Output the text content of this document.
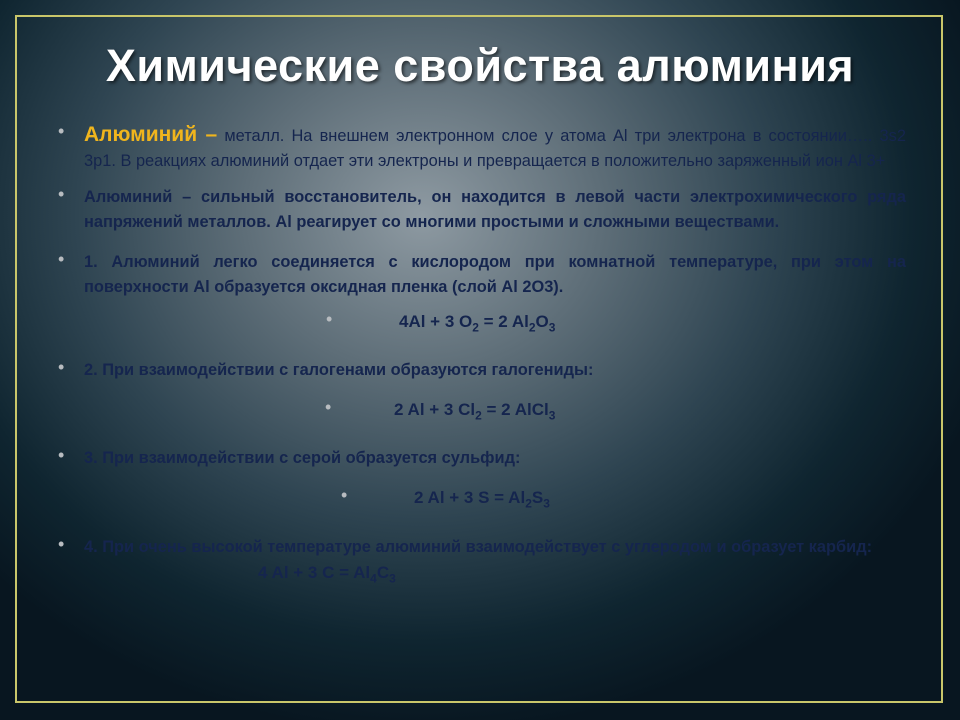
Химические свойства алюминия
• Алюминий – металл. На внешнем электронном слое у атома Al три электрона в состоянии….. 3s2 3p1. В реакциях алюминий отдает эти электроны и превращается в положительно заряженный ион Al 3+
• Алюминий – сильный восстановитель, он находится в левой части электрохимического ряда напряжений металлов. Al реагирует со многими простыми и сложными веществами.
• 1. Алюминий легко соединяется с кислородом при комнатной температуре, при этом на поверхности Al образуется оксидная пленка (слой Al 2O3).
•	4Al + 3 $O_2 = 2$ $Al_2O_3$
• 2. При взаимодействии с галогенами образуются галогениды:
•	2 Al + 3 $Cl_2 = 2$ AlCl$_3$
• 3. При взаимодействии с серой образуется сульфид:
•	2 Al + 3 $S = Al_2S_3$
• 4. При очень высокой температуре алюминий взаимодействует с углеродом и образует карбид:
4 Al + 3 $C = Al_4C_3$
